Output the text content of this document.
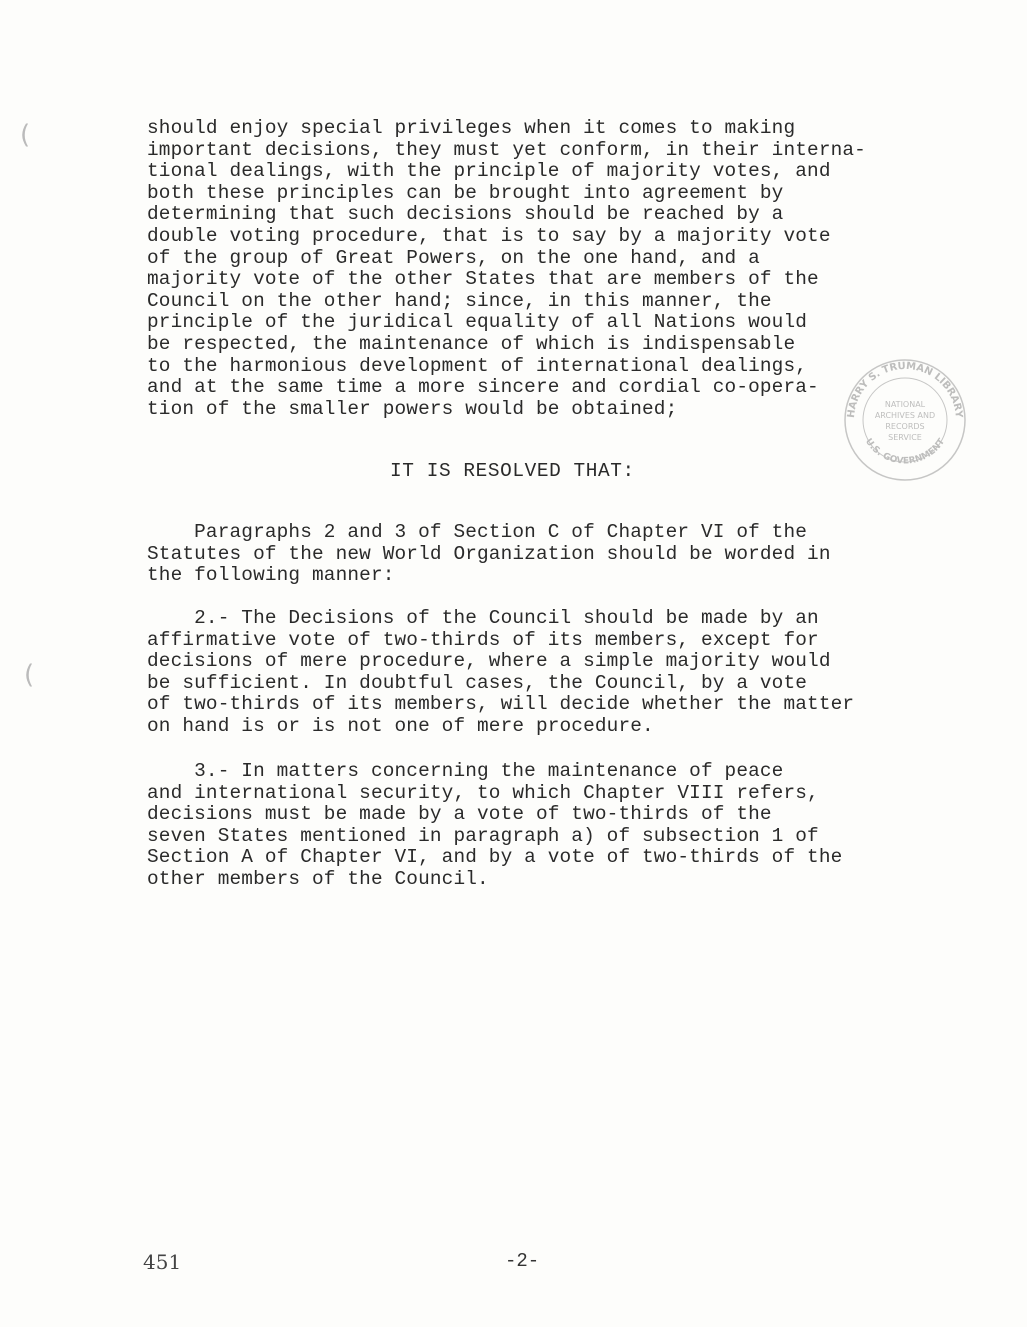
(
(
should enjoy special privileges when it comes to making
important decisions, they must yet conform, in their interna-
tional dealings, with the principle of majority votes, and
both these principles can be brought into agreement by
determining that such decisions should be reached by a
double voting procedure, that is to say by a majority vote
of the group of Great Powers, on the one hand, and a
majority vote of the other States that are members of the
Council on the other hand; since, in this manner, the
principle of the juridical equality of all Nations would
be respected, the maintenance of which is indispensable
to the harmonious development of international dealings,
and at the same time a more sincere and cordial co-opera-
tion of the smaller powers would be obtained;	HARRY S. TRUMAN LIBRARY
U.S. GOVERNMENT
NATIONAL
ARCHIVES AND
RECORDS
SERVICE
IT IS RESOLVED THAT:
Paragraphs 2 and 3 of Section C of Chapter VI of the
Statutes of the new World Organization should be worded in
the following manner:
2.- The Decisions of the Council should be made by an
affirmative vote of two-thirds of its members, except for
decisions of mere procedure, where a simple majority would
be sufficient. In doubtful cases, the Council, by a vote
of two-thirds of its members, will decide whether the matter
on hand is or is not one of mere procedure.
3.- In matters concerning the maintenance of peace
and international security, to which Chapter VIII refers,
decisions must be made by a vote of two-thirds of the
seven States mentioned in paragraph a) of subsection 1 of
Section A of Chapter VI, and by a vote of two-thirds of the
other members of the Council.
451	-2-
